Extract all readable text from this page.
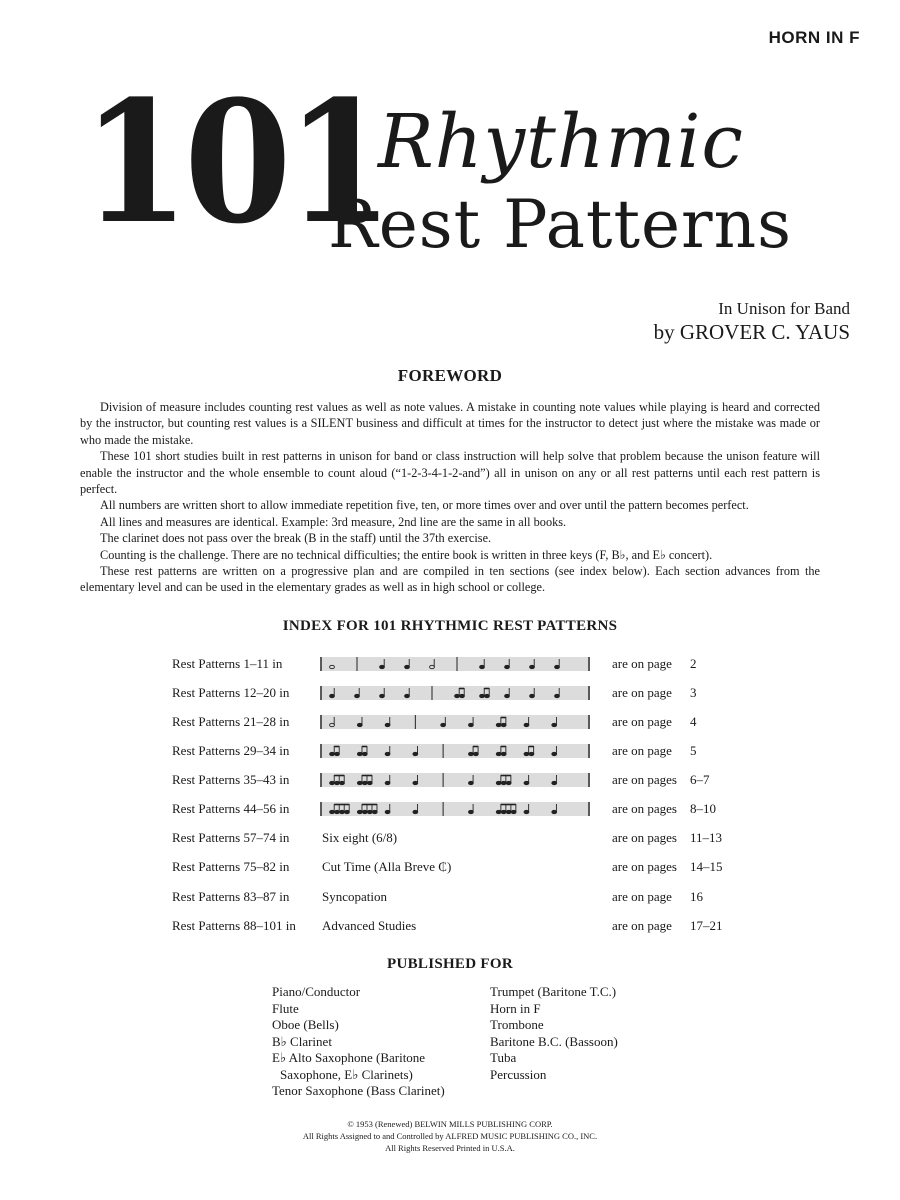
HORN IN F
101
Rhythmic
Rest Patterns
In Unison for Band
by GROVER C. YAUS
FOREWORD

Division of measure includes counting rest values as well as note values. A mistake in counting note values while playing is heard and corrected by the instructor, but counting rest values is a SILENT business and difficult at times for the instructor to detect just where the mistake was made or who made the mistake.

These 101 short studies built in rest patterns in unison for band or class instruction will help solve that problem because the unison feature will enable the instructor and the whole ensemble to count aloud (“1-2-3-4-1-2-and”) all in unison on any or all rest patterns until each rest pattern is perfect.

All numbers are written short to allow immediate repetition five, ten, or more times over and over until the pattern becomes perfect.

All lines and measures are identical. Example: 3rd measure, 2nd line are the same in all books.

The clarinet does not pass over the break (B in the staff) until the 37th exercise.

Counting is the challenge. There are no technical difficulties; the entire book is written in three keys (F, B♭, and E♭ concert).

These rest patterns are written on a progressive plan and are compiled in ten sections (see index below). Each section advances from the elementary level and can be used in the elementary grades as well as in high school or college.

INDEX FOR 101 RHYTHMIC REST PATTERNS
Rest Patterns 1–11 in	are on page 2
Rest Patterns 12–20 in	are on page 3
Rest Patterns 21–28 in	are on page 4
Rest Patterns 29–34 in	are on page 5
Rest Patterns 35–43 in	are on pages 6–7
Rest Patterns 44–56 in	are on pages 8–10
Rest Patterns 57–74 in	Six eight (6/8)	are on pages 11–13
Rest Patterns 75–82 in	Cut Time (Alla Breve ₵)	are on pages 14–15
Rest Patterns 83–87 in	Syncopation	are on page 16
Rest Patterns 88–101 in Advanced Studies	are on page 17–21
PUBLISHED FOR
Piano/Conductor
Flute
Oboe (Bells)
B♭ Clarinet
E♭ Alto Saxophone (Baritone
Saxophone, E♭ Clarinets)
Tenor Saxophone (Bass Clarinet)
Trumpet (Baritone T.C.)
Horn in F
Trombone
Baritone B.C. (Bassoon)
Tuba
Percussion
© 1953 (Renewed) BELWIN MILLS PUBLISHING CORP.
All Rights Assigned to and Controlled by ALFRED MUSIC PUBLISHING CO., INC.
All Rights Reserved Printed in U.S.A.
